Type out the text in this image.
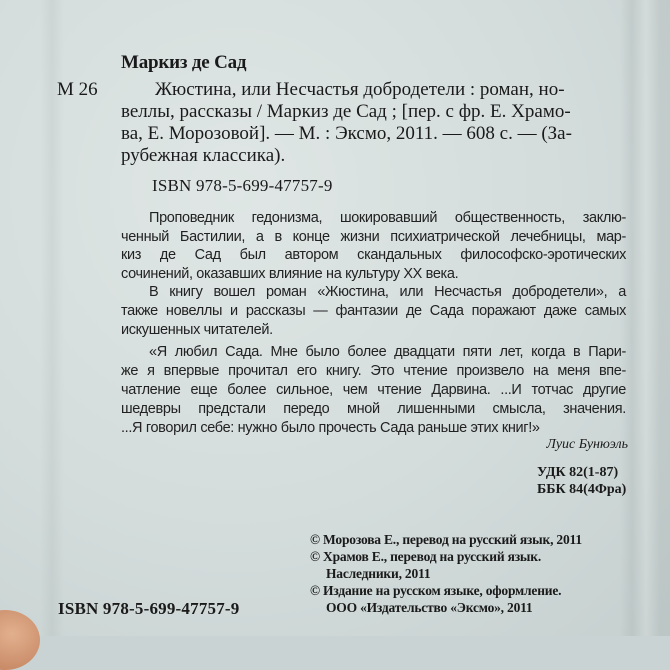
Маркиз де Сад
М 26	Жюстина, или Несчастья добродетели : роман, но-
веллы, рассказы / Маркиз де Сад ; [пер. с фр. Е. Храмо-
ва, Е. Морозовой]. — М. : Эксмо, 2011. — 608 с. — (За-
рубежная классика).
ISBN 978-5-699-47757-9
Проповедник гедонизма, шокировавший общественность, заклю-
ченный Бастилии, а в конце жизни психиатрической лечебницы, мар-
киз де Сад был автором скандальных философско-эротических
сочинений, оказавших влияние на культуру XX века.
В книгу вошел роман «Жюстина, или Несчастья добродетели», а
также новеллы и рассказы — фантазии де Сада поражают даже самых
искушенных читателей.
«Я любил Сада. Мне было более двадцати пяти лет, когда в Пари-
же я впервые прочитал его книгу. Это чтение произвело на меня впе-
чатление еще более сильное, чем чтение Дарвина. ...И тотчас другие
шедевры предстали передо мной лишенными смысла, значения.
...Я говорил себе: нужно было прочесть Сада раньше этих книг!»
Луис Бунюэль
УДК 82(1-87)
ББК 84(4Фра)
© Морозова Е., перевод на русский язык, 2011
© Храмов Е., перевод на русский язык.
Наследники, 2011
© Издание на русском языке, оформление.
ООО «Издательство «Эксмо», 2011
ISBN 978-5-699-47757-9
